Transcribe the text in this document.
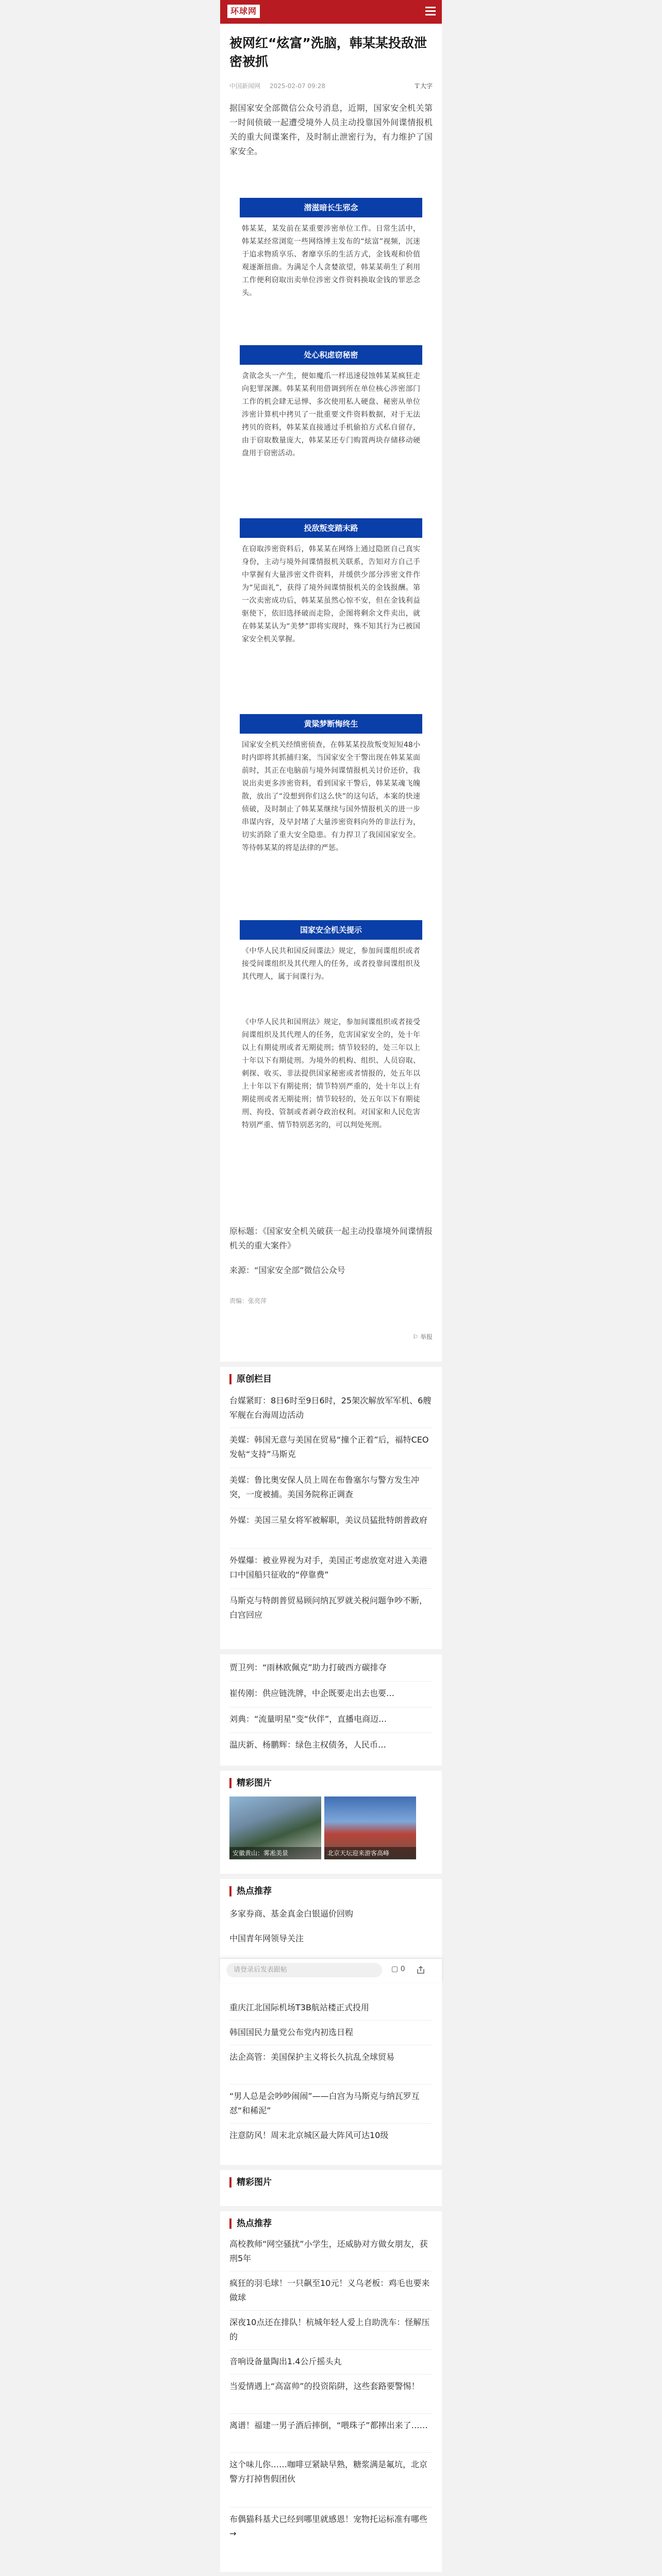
环球网
被网红“炫富”洗脑，韩某某投敌泄密被抓
中国新闻网 2025-02-07 09:28	Ｔ大字
据国家安全部微信公众号消息，近期，国家安全机关第一时间侦破一起遭受境外人员主动投靠国外间谍情报机关的重大间谍案件，及时制止泄密行为，有力维护了国家安全。
潜滋暗长生邪念
韩某某，某发前在某重要涉密单位工作。日常生活中，韩某某经常浏览一些网络博主发布的“炫富”视频，沉迷于追求物质享乐、奢靡享乐的生活方式，金钱观和价值观逐渐扭曲。为满足个人贪婪欲望，韩某某萌生了利用工作便利窃取出卖单位涉密文件资料换取金钱的罪恶念头。
处心积虑窃秘密
贪欲念头一产生，便如魔爪一样迅速侵蚀韩某某疯狂走向犯罪深渊。韩某某利用借调到所在单位核心涉密部门工作的机会肆无忌惮、多次使用私人硬盘、秘密从单位涉密计算机中拷贝了一批重要文件资料数据，对于无法拷贝的资料，韩某某直接通过手机偷拍方式私自留存，由于窃取数量庞大，韩某某还专门购置两块存储移动硬盘用于窃密活动。
投敌叛变踏末路
在窃取涉密资料后，韩某某在网络上通过隐匿自己真实身份，主动与境外间谍情报机关联系，告知对方自己手中掌握有大量涉密文件资料，并缓供少部分涉密文件作为“见面礼”，获得了境外间谍情报机关的金钱报酬。第一次卖密成功后，韩某某虽然心惊不安，但在金钱利益驱使下，依旧选择破而走险，企图将剩余文件卖出，就在韩某某认为“美梦”即将实现时，殊不知其行为已被国家安全机关掌握。
黄粱梦断悔终生
国家安全机关经缜密侦查，在韩某某投敌叛变短短48小时内即将其抓捕归案，当国家安全干警出现在韩某某面前时，其正在电脑前与境外间谍情报机关讨价还价，我说出卖更多涉密资料，看到国家干警后，韩某某魂飞魄散，放出了“没想到你们这么快”的这句话，本案的快速侦破，及时制止了韩某某继续与国外情报机关的进一步串谋内容，及早封堵了大量涉密资料向外的非法行为，切实消除了重大安全隐患。有力捍卫了我国国家安全。等待韩某某的将是法律的严惩。
国家安全机关提示
《中华人民共和国反间谍法》规定，参加间谍组织或者接受间谍组织及其代理人的任务，或者投靠间谍组织及其代理人，属于间谍行为。
《中华人民共和国刑法》规定，参加间谍组织或者接受间谍组织及其代理人的任务，危害国家安全的，处十年以上有期徒刑或者无期徒刑；情节较轻的，处三年以上十年以下有期徒刑。为境外的机构、组织、人员窃取、刺探、收买、非法提供国家秘密或者情报的，处五年以上十年以下有期徒刑；情节特别严重的，处十年以上有期徒刑或者无期徒刑；情节较轻的，处五年以下有期徒刑、拘役、管制或者剥夺政治权利。对国家和人民危害特别严重、情节特别恶劣的，可以判处死刑。
原标题：《国家安全机关破获一起主动投靠境外间谍情报机关的重大案件》
来源：“国家安全部”微信公众号
责编：张亮萍
⚐ 举报
原创栏目
台媒紧盯：8日6时至9日6时，25架次解放军军机、6艘军舰在台海周边活动
美媒：韩国无意与美国在贸易“撞个正着”后，福特CEO发帖“支持”马斯克
美媒：鲁比奥安保人员上周在布鲁塞尔与警方发生冲突，一度被捕。美国务院称正调查
外媒：美国三星女将军被解职，美议员猛批特朗普政府
外媒爆：被业界视为对手，美国正考虑放宽对进入美港口中国船只征收的“停靠费”
马斯克与特朗普贸易顾问纳瓦罗就关税问题争吵不断，白宫回应
贾卫列：“雨林欧佩克”助力打破西方碳排夺
崔传刚：供应链洗牌，中企既要走出去也要…
刘典：“流量明星”变“伙伴”，直播电商迈…
温庆新、杨鹏辉：绿色主权债务，人民币…
精彩图片
安徽黄山：雾凇美景	北京天坛迎来游客高峰
热点推荐
多家券商、基金真金白银逼价回购
中国青年网领导关注
重庆江北国际机场T3B航站楼正式投用
韩国国民力量党公布党内初选日程
法企高管：美国保护主义将长久抗乱全球贸易
“男人总是会吵吵闹闹”——白宫为马斯克与纳瓦罗互怼“和稀泥”
注意防风！周末北京城区最大阵风可达10级
请登录后发表跟帖	▢ 0
精彩图片
热点推荐
高校教师“网空骚扰”小学生，还威胁对方做女朋友，获刑5年
疯狂的羽毛球！一只飙至10元！义乌老板：鸡毛也要来做球
深夜10点还在排队！杭城年轻人爱上自助洗车：怪解压的
音响设备量陶出1.4公斤摇头丸
当爱情遇上“高富帅”的投资陷阱，这些套路要警惕！
离谱！福建一男子酒后摔倒，“喂珠子”都摔出来了……
这个味儿你……咖啡豆紧缺早熟，糖浆满是氟坑，北京警方打掉售假团伙
布偶猫科基犬已经到哪里就感恩！宠物托运标准有哪些→
